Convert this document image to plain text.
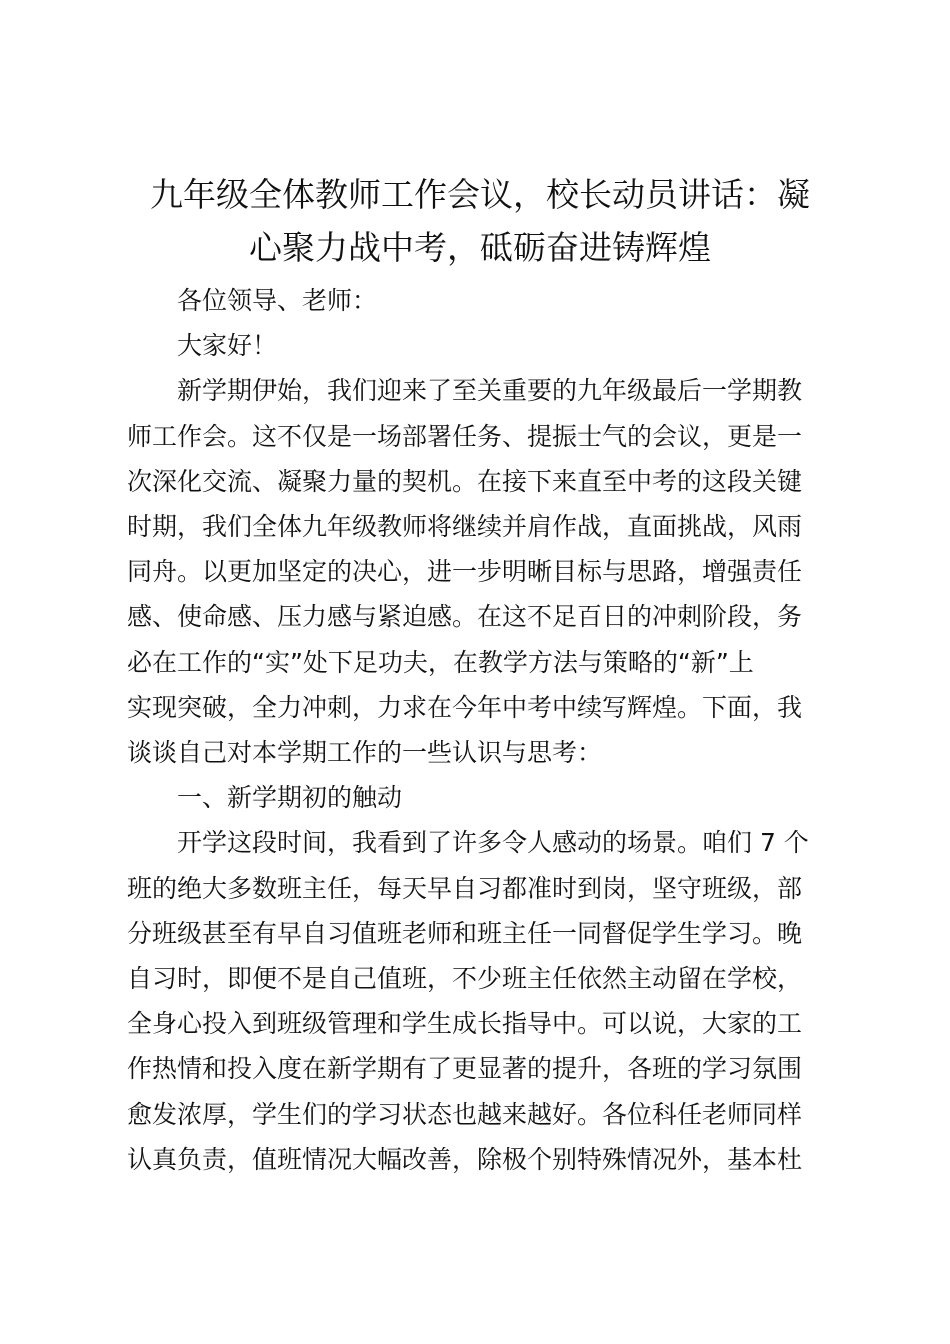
九年级全体教师工作会议，校长动员讲话：凝
心聚力战中考，砥砺奋进铸辉煌

各位领导、老师：

大家好！

新学期伊始，我们迎来了至关重要的九年级最后一学期教
师工作会。这不仅是一场部署任务、提振士气的会议，更是一
次深化交流、凝聚力量的契机。在接下来直至中考的这段关键
时期，我们全体九年级教师将继续并肩作战，直面挑战，风雨
同舟。以更加坚定的决心，进一步明晰目标与思路，增强责任
感、使命感、压力感与紧迫感。在这不足百日的冲刺阶段，务
必在工作的“实”处下足功夫，在教学方法与策略的“新”上
实现突破，全力冲刺，力求在今年中考中续写辉煌。下面，我
谈谈自己对本学期工作的一些认识与思考：

一、新学期初的触动

开学这段时间，我看到了许多令人感动的场景。咱们 7 个
班的绝大多数班主任，每天早自习都准时到岗，坚守班级，部
分班级甚至有早自习值班老师和班主任一同督促学生学习。晚
自习时，即便不是自己值班，不少班主任依然主动留在学校，
全身心投入到班级管理和学生成长指导中。可以说，大家的工
作热情和投入度在新学期有了更显著的提升，各班的学习氛围
愈发浓厚，学生们的学习状态也越来越好。各位科任老师同样
认真负责，值班情况大幅改善，除极个别特殊情况外，基本杜
